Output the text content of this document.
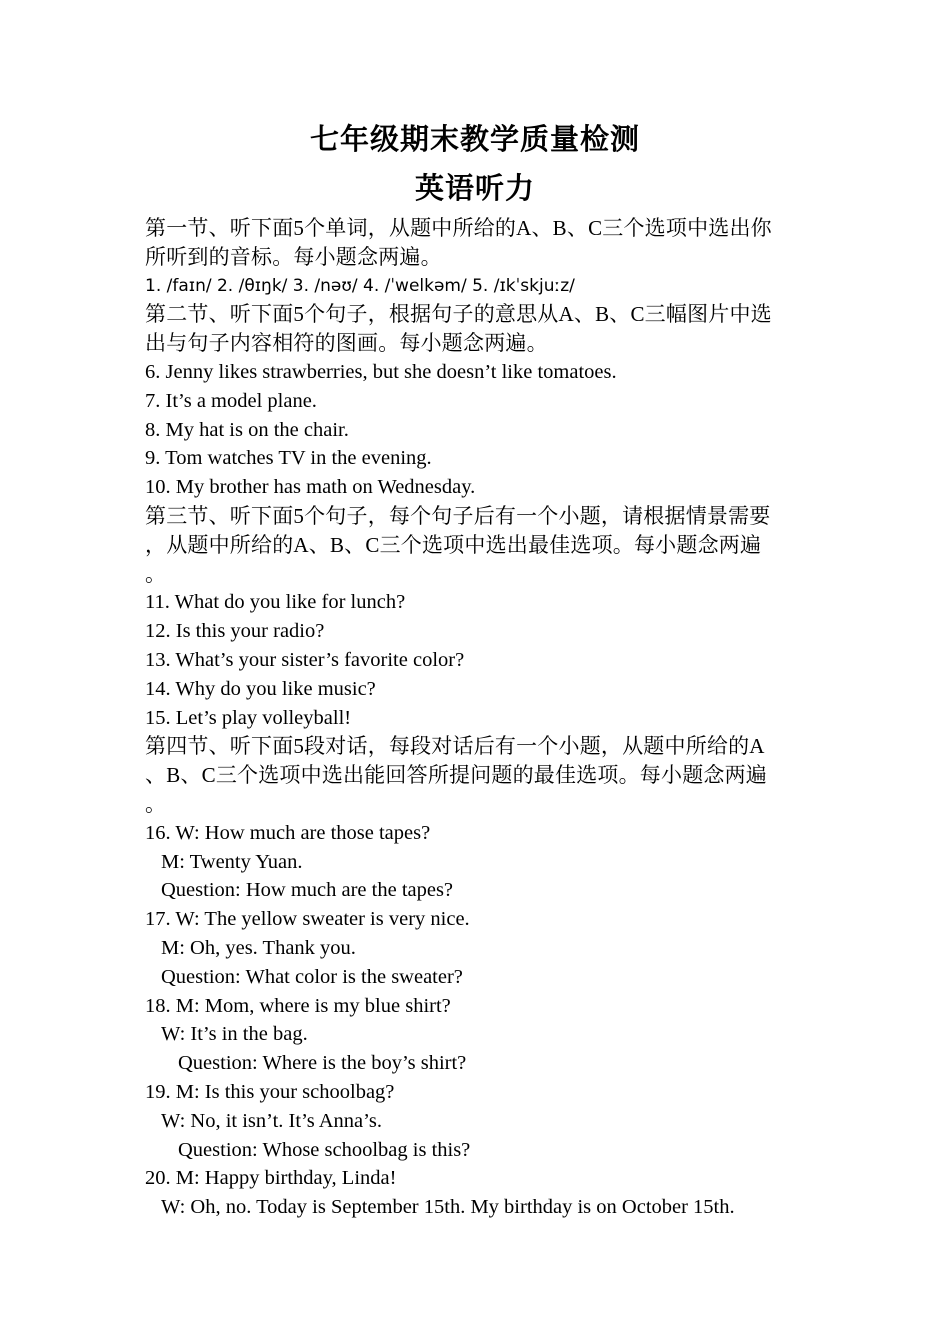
七年级期末教学质量检测
英语听力
第一节、听下面5个单词，从题中所给的A、B、C三个选项中选出你
所听到的音标。每小题念两遍。
1. /faɪn/ 2. /θɪŋk/ 3. /nəʊ/ 4. /ˈwelkəm/ 5. /ɪkˈskjuːz/
第二节、听下面5个句子，根据句子的意思从A、B、C三幅图片中选
出与句子内容相符的图画。每小题念两遍。
6. Jenny likes strawberries, but she doesn’t like tomatoes.
7. It’s a model plane.
8. My hat is on the chair.
9. Tom watches TV in the evening.
10. My brother has math on Wednesday.
第三节、听下面5个句子，每个句子后有一个小题，请根据情景需要
，从题中所给的A、B、C三个选项中选出最佳选项。每小题念两遍
。
11. What do you like for lunch?
12. Is this your radio?
13. What’s your sister’s favorite color?
14. Why do you like music?
15. Let’s play volleyball!
第四节、听下面5段对话，每段对话后有一个小题，从题中所给的A
、B、C三个选项中选出能回答所提问题的最佳选项。每小题念两遍
。
16. W: How much are those tapes?
M: Twenty Yuan.
Question: How much are the tapes?
17. W: The yellow sweater is very nice.
M: Oh, yes. Thank you.
Question: What color is the sweater?
18. M: Mom, where is my blue shirt?
W: It’s in the bag.
Question: Where is the boy’s shirt?
19. M: Is this your schoolbag?
W: No, it isn’t. It’s Anna’s.
Question: Whose schoolbag is this?
20. M: Happy birthday, Linda!
W: Oh, no. Today is September 15th. My birthday is on October 15th.
